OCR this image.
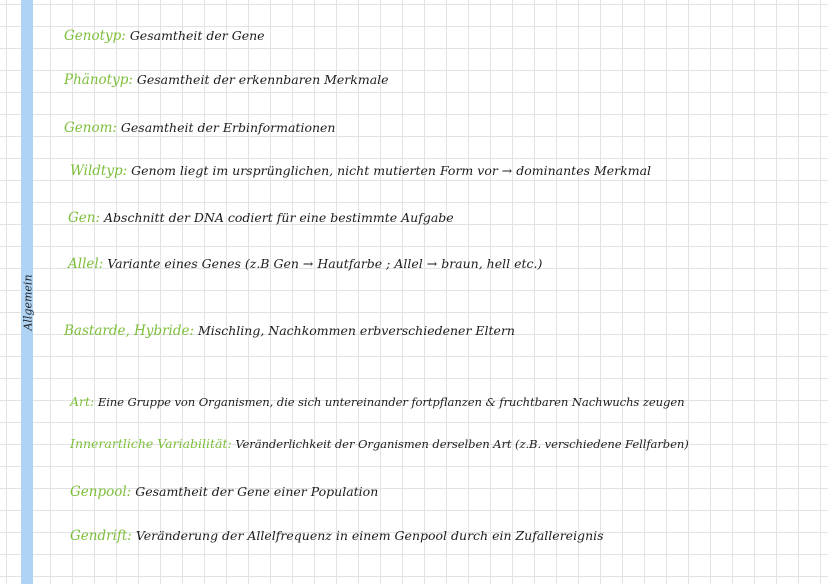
Allgemein
Genotyp: Gesamtheit der Gene
Phänotyp: Gesamtheit der erkennbaren Merkmale
Genom: Gesamtheit der Erbinformationen
Wildtyp: Genom liegt im ursprünglichen, nicht mutierten Form vor → dominantes Merkmal
Gen: Abschnitt der DNA codiert für eine bestimmte Aufgabe
Allel: Variante eines Genes (z.B Gen → Hautfarbe ; Allel → braun, hell etc.)
Bastarde, Hybride: Mischling, Nachkommen erbverschiedener Eltern
Art: Eine Gruppe von Organismen, die sich untereinander fortpflanzen & fruchtbaren Nachwuchs zeugen
Innerartliche Variabilität: Veränderlichkeit der Organismen derselben Art (z.B. verschiedene Fellfarben)
Genpool: Gesamtheit der Gene einer Population
Gendrift: Veränderung der Allelfrequenz in einem Genpool durch ein Zufallereignis
